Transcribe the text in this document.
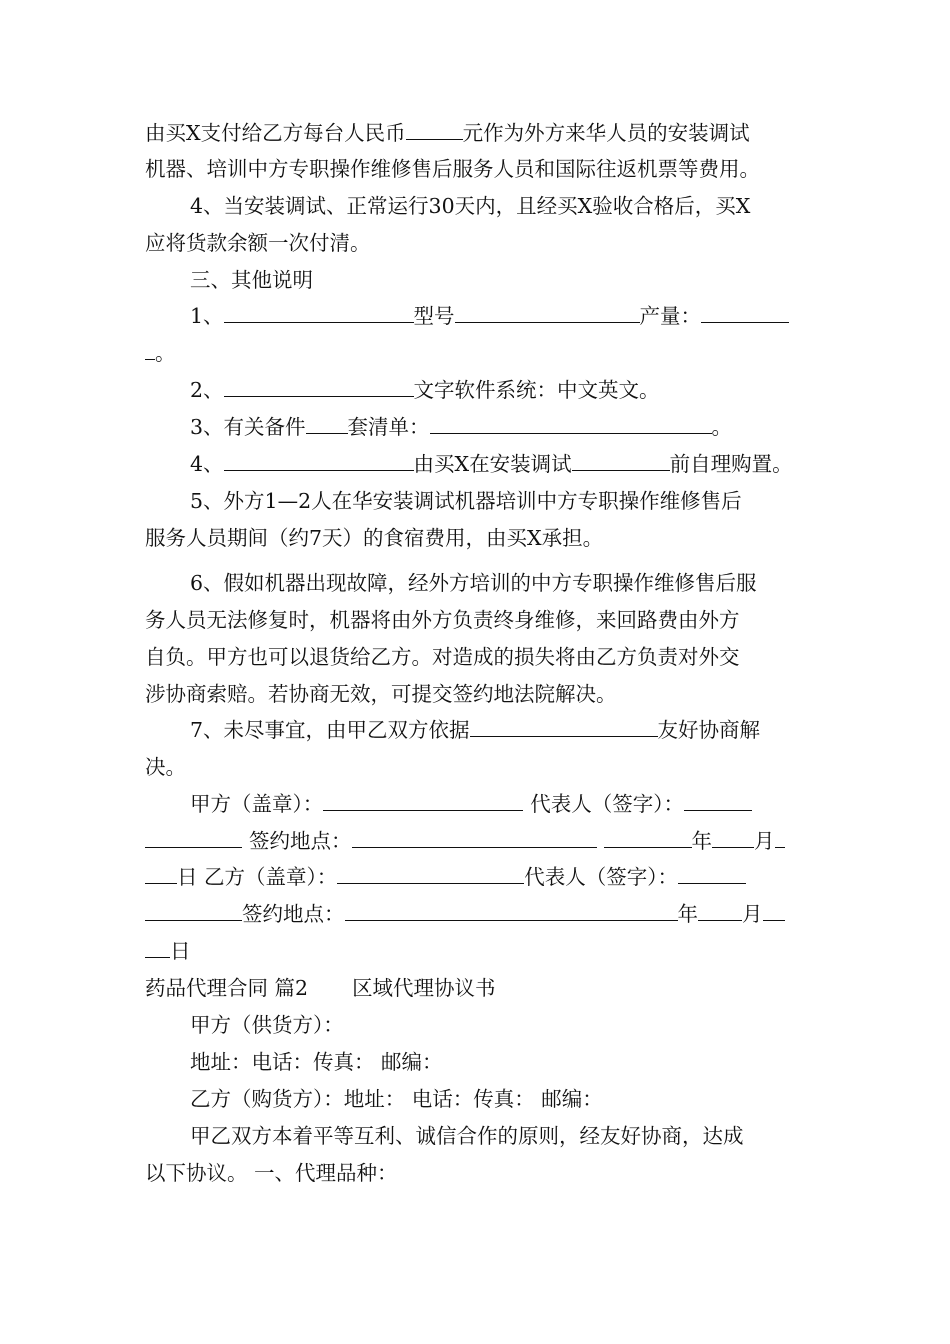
由买X支付给乙方每台人民币	元作为外方来华人员的安装调试
机器、培训中方专职操作维修售后服务人员和国际往返机票等费用。
4、当安装调试、正常运行30天内，且经买X验收合格后，买X
应将货款余额一次付清。
三、其他说明
1、	型号	产量：
。
2、	文字软件系统：中文英文。
3、有关备件 套清单：	。
4、	由买X在安装调试	前自理购置。
5、外方1—2人在华安装调试机器培训中方专职操作维修售后
服务人员期间（约7天）的食宿费用，由买X承担。
6、假如机器出现故障，经外方培训的中方专职操作维修售后服
务人员无法修复时，机器将由外方负责终身维修，来回路费由外方
自负。甲方也可以退货给乙方。对造成的损失将由乙方负责对外交
涉协商索赔。若协商无效，可提交签约地法院解决。
7、未尽事宜，由甲乙双方依据	友好协商解
决。
甲方（盖章）：	代表人（签字）：
签约地点：	年 月
日 乙方（盖章）：	代表人（签字）：
签约地点：	年 月
日
药品代理合同 篇2 区域代理协议书
甲方（供货方）：
地址：电话：传真： 邮编：
乙方（购货方）：地址： 电话：传真： 邮编：
甲乙双方本着平等互利、诚信合作的原则，经友好协商，达成
以下协议。 一、代理品种：
